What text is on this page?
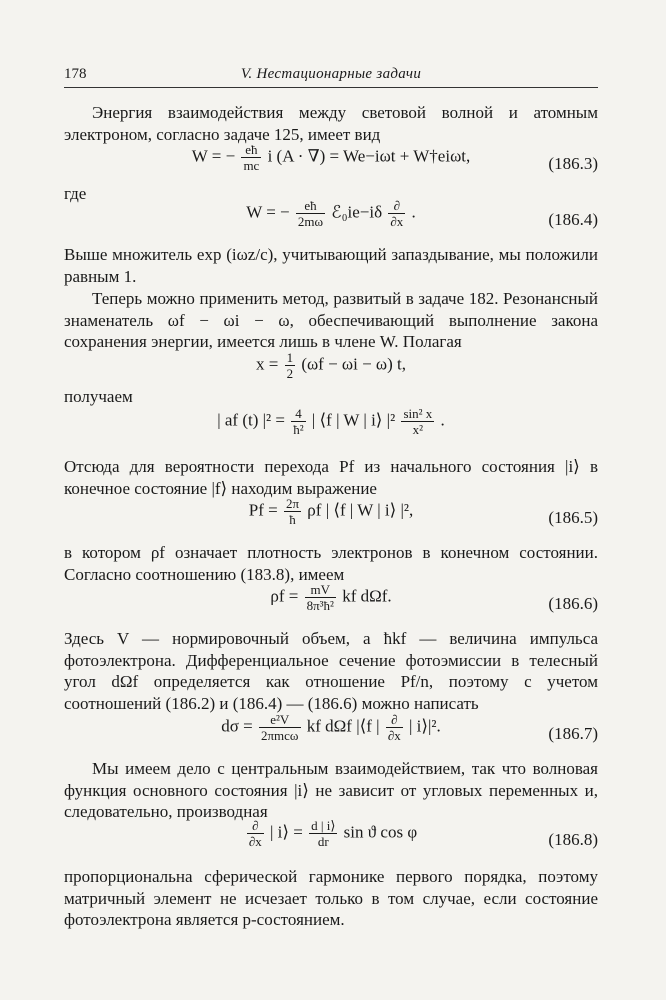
178	V. Нестационарные задачи

Энергия взаимодействия между световой волной и атомным электроном, согласно задаче 125, имеет вид

W = − $\frac{eħ}{mc}$ i (A · ∇) = We−iωt + W†eiωt,	(186.3)

где

W = − $\frac{eħ}{2m\omega}$ ℰ₀ie−iδ $\frac{\partial}{\partial x}$ .	(186.4)

Выше множитель exp (iωz/c), учитывающий запаздывание, мы положили равным 1.

Теперь можно применить метод, развитый в задаче 182. Резонансный знаменатель ωf − ωi − ω, обеспечивающий выполнение закона сохранения энергии, имеется лишь в члене W. Полагая

$x = \frac{1}{2} (\omega f - \omega i - \omega)$ t,

получаем

| af (t) $|^2 = \frac{4}{\text{ħ²}}$ | ⟨f | W | i⟩ $|^2 \frac{\text{sin² x}}{\text{x²}}$ .

Отсюда для вероятности перехода Pf из начального состояния |i⟩ в конечное состояние |f⟩ находим выражение

$Pf = \frac{2\pi}{ħ}$ ρf | ⟨f | W | i⟩ |²,	(186.5)

в котором ρf означает плотность электронов в конечном состоянии. Согласно соотношению (183.8), имеем

$\rho f = \frac{mV}{\text{8π³ħ²}}$ kf dΩf.	(186.6)

Здесь V — нормировочный объем, а ħkf — величина импульса фотоэлектрона. Дифференциальное сечение фотоэмиссии в телесный угол dΩf определяется как отношение Pf/n, поэтому с учетом соотношений (186.2) и (186.4) — (186.6) можно написать

$d\sigma = \frac{\text{e²V}}{\text{2πmcω}}$ kf dΩf |⟨f | $\frac{\partial}{\partial x}$ | i⟩|².	(186.7)

Мы имеем дело с центральным взаимодействием, так что волновая функция основного состояния |i⟩ не зависит от угловых переменных и, следовательно, производная

$\frac{\partial}{\partial x}$ | i⟩ = $\frac{d | i⟩}{dr}$ sin ϑ cos φ	(186.8)

пропорциональна сферической гармонике первого порядка, поэтому матричный элемент не исчезает только в том случае, если состояние фотоэлектрона является p-состоянием.
